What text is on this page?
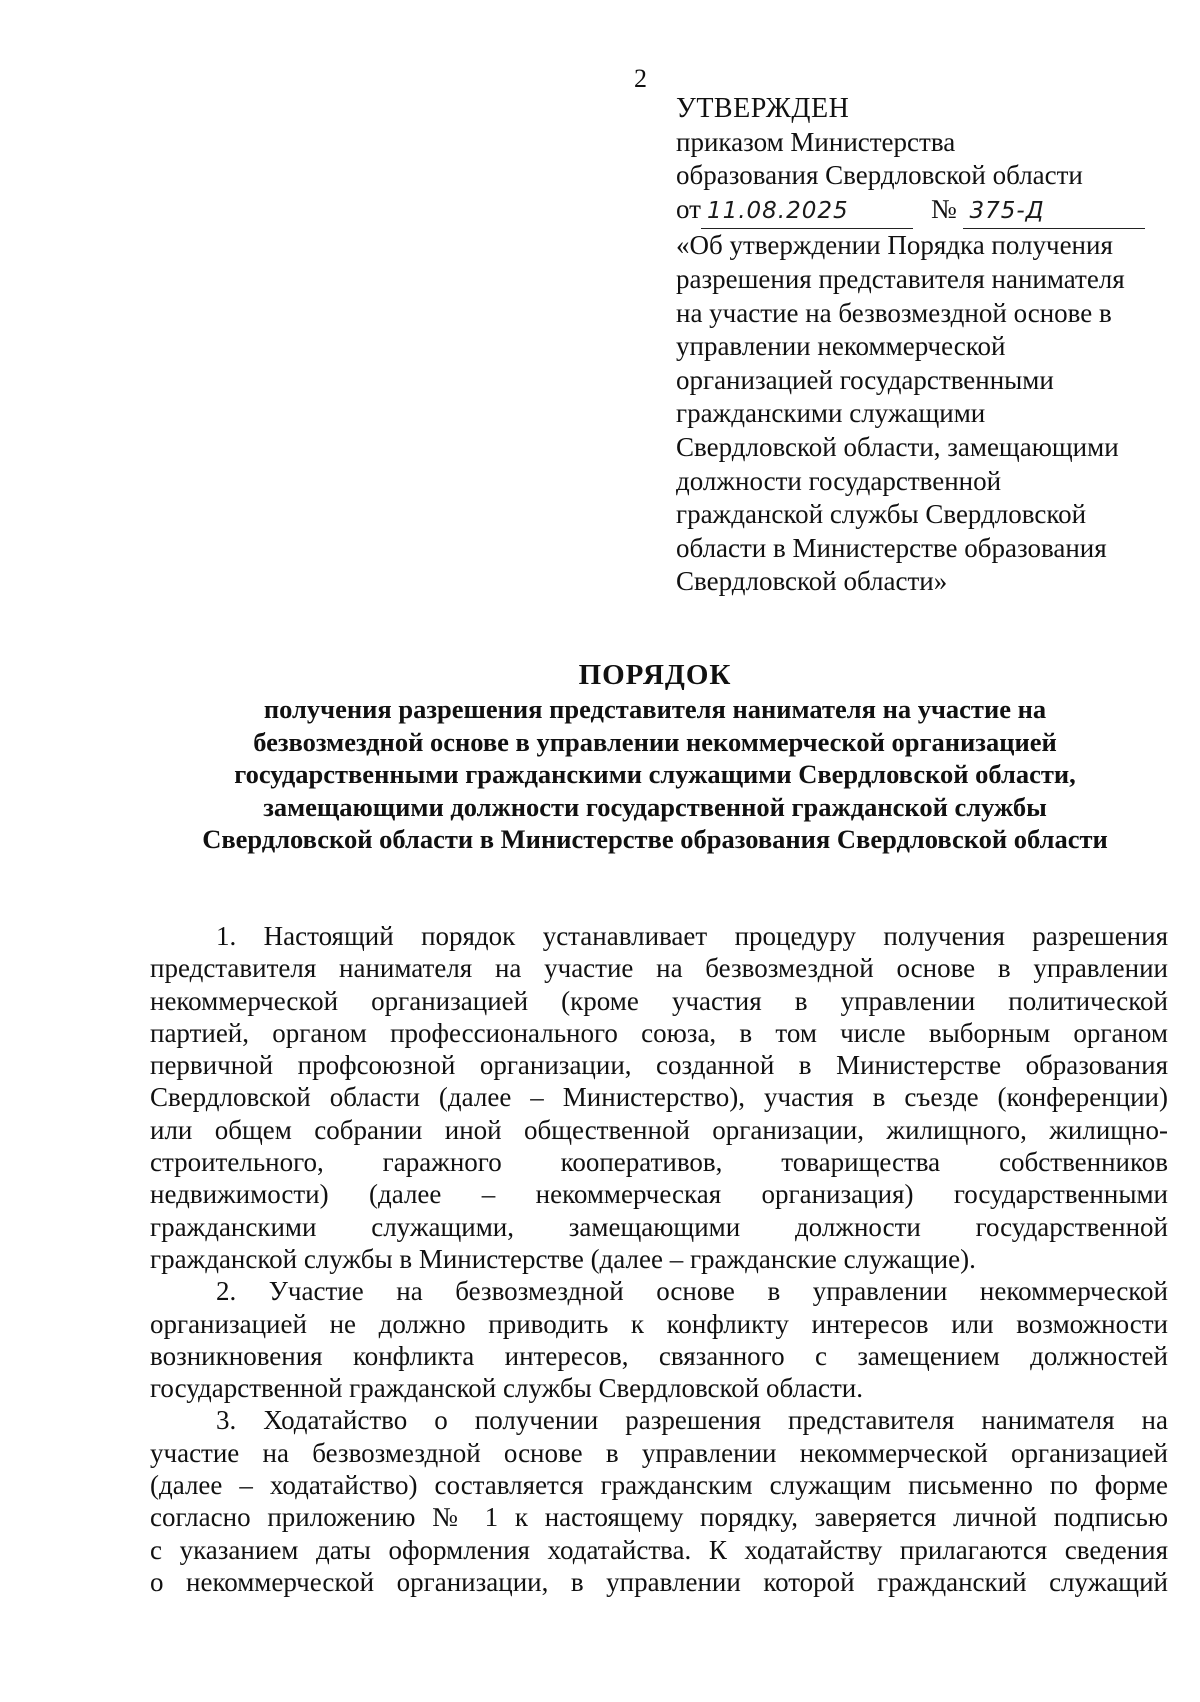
2
УТВЕРЖДЕН
приказом Министерства
образования Свердловской области
от 11.08.2025	№ 375-Д
«Об утверждении Порядка получения
разрешения представителя нанимателя
на участие на безвозмездной основе в
управлении некоммерческой
организацией государственными
гражданскими служащими
Свердловской области, замещающими
должности государственной
гражданской службы Свердловской
области в Министерстве образования
Свердловской области»
ПОРЯДОК
получения разрешения представителя нанимателя на участие на
безвозмездной основе в управлении некоммерческой организацией
государственными гражданскими служащими Свердловской области,
замещающими должности государственной гражданской службы
Свердловской области в Министерстве образования Свердловской области
1. Настоящий порядок устанавливает процедуру получения разрешения
представителя нанимателя на участие на безвозмездной основе в управлении
некоммерческой организацией (кроме участия в управлении политической
партией, органом профессионального союза, в том числе выборным органом
первичной профсоюзной организации, созданной в Министерстве образования
Свердловской области (далее – Министерство), участия в съезде (конференции)
или общем собрании иной общественной организации, жилищного, жилищно-
строительного, гаражного кооперативов, товарищества собственников
недвижимости) (далее – некоммерческая организация) государственными
гражданскими служащими, замещающими должности государственной
гражданской службы в Министерстве (далее – гражданские служащие).
2. Участие на безвозмездной основе в управлении некоммерческой
организацией не должно приводить к конфликту интересов или возможности
возникновения конфликта интересов, связанного с замещением должностей
государственной гражданской службы Свердловской области.
3. Ходатайство о получении разрешения представителя нанимателя на
участие на безвозмездной основе в управлении некоммерческой организацией
(далее – ходатайство) составляется гражданским служащим письменно по форме
согласно приложению № 1 к настоящему порядку, заверяется личной подписью
с указанием даты оформления ходатайства. К ходатайству прилагаются сведения
о некоммерческой организации, в управлении которой гражданский служащий
